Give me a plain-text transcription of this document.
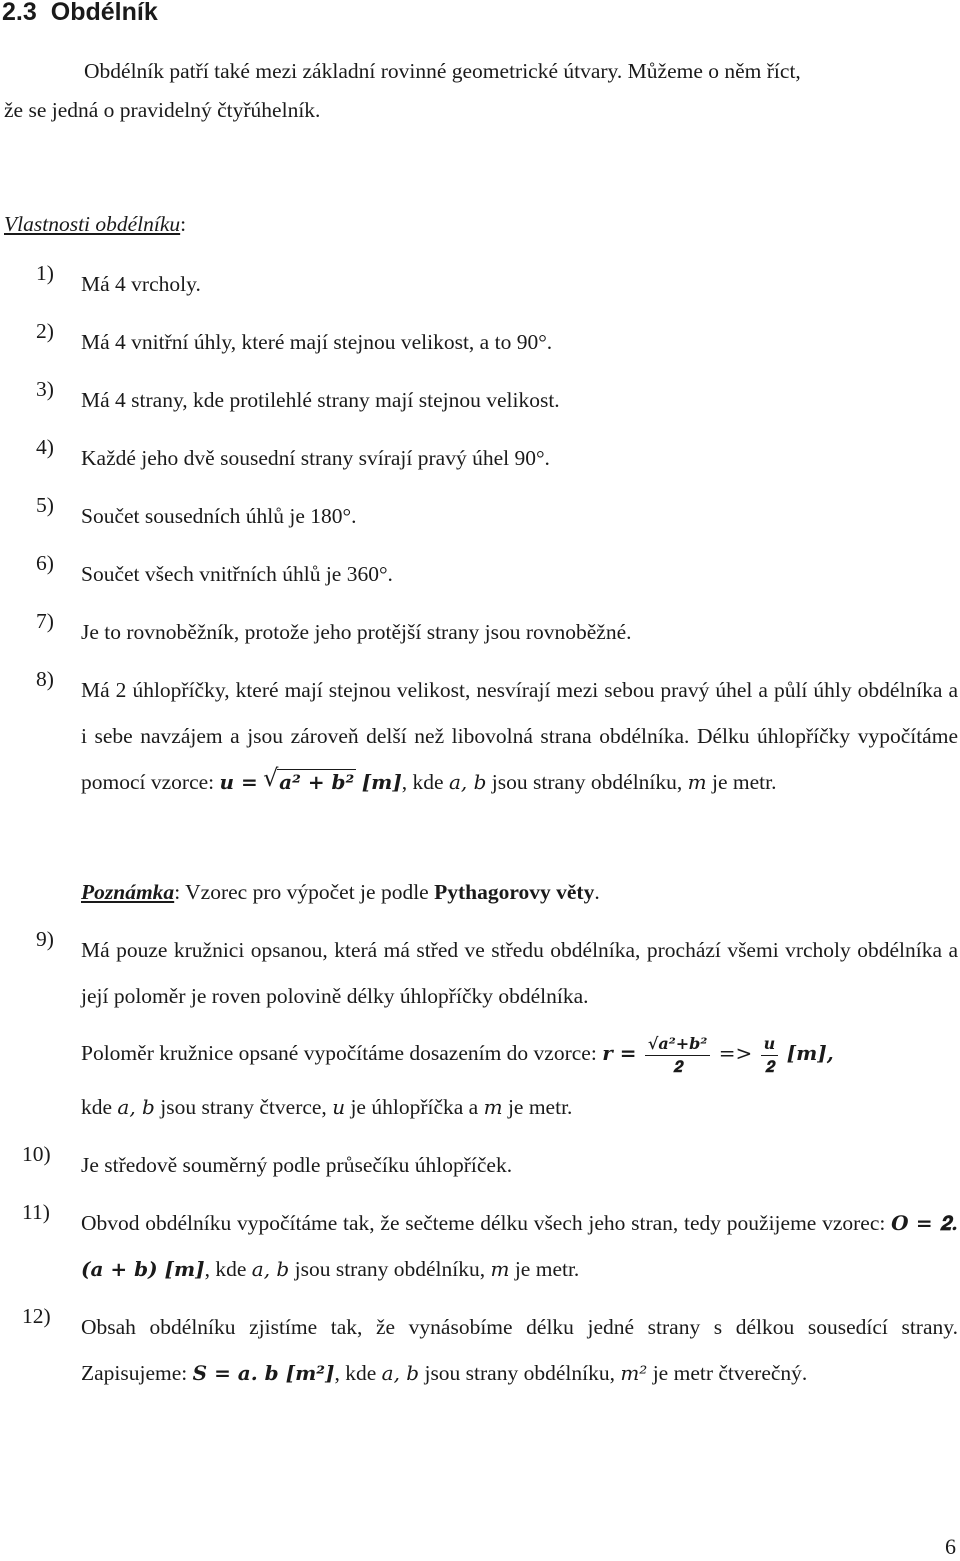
2.3 Obdélník

Obdélník patří také mezi základní rovinné geometrické útvary. Můžeme o něm říct,
že se jedná o pravidelný čtyřúhelník.

Vlastnosti obdélníku:

1) Má 4 vrcholy.
2) Má 4 vnitřní úhly, které mají stejnou velikost, a to 90°.
3) Má 4 strany, kde protilehlé strany mají stejnou velikost.
4) Každé jeho dvě sousední strany svírají pravý úhel 90°.
5) Součet sousedních úhlů je 180°.
6) Součet všech vnitřních úhlů je 360°.
7) Je to rovnoběžník, protože jeho protější strany jsou rovnoběžné.
8) Má 2 úhlopříčky, které mají stejnou velikost, nesvírají mezi sebou pravý úhel a půlí úhly obdélníka a i sebe navzájem a jsou zároveň delší než libovolná strana obdélníka. Délku úhlopříčky vypočítáme pomocí vzorce: 𝒖 = √ 𝒂² + 𝒃² [𝒎], kde 𝑎, 𝑏 jsou strany obdélníku, 𝑚 je metr.
Poznámka: Vzorec pro výpočet je podle Pythagorovy věty.
9) Má pouze kružnici opsanou, která má střed ve středu obdélníka, prochází všemi vrcholy obdélníka a její poloměr je roven polovině délky úhlopříčky obdélníka.
Poloměr kružnice opsané vypočítáme dosazením do vzorce: 𝒓 = $\frac{\text{√𝒂²+𝒃²}}{𝟐} => \frac{\text{𝒖}}{𝟐}$ [𝒎],
kde 𝑎, 𝑏 jsou strany čtverce, 𝑢 je úhlopříčka a 𝑚 je metr.
10) Je středově souměrný podle průsečíku úhlopříček.
11) Obvod obdélníku vypočítáme tak, že sečteme délku všech jeho stran, tedy použijeme vzorec: 𝑶 = 𝟐. (𝒂 + 𝒃) [𝒎], kde 𝑎, 𝑏 jsou strany obdélníku, 𝑚 je metr.
12) Obsah obdélníku zjistíme tak, že vynásobíme délku jedné strany s délkou sousedící strany. Zapisujeme: 𝑺 = 𝒂. 𝒃 [𝒎²], kde 𝑎, 𝑏 jsou strany obdélníku, 𝑚² je metr čtverečný.
6
